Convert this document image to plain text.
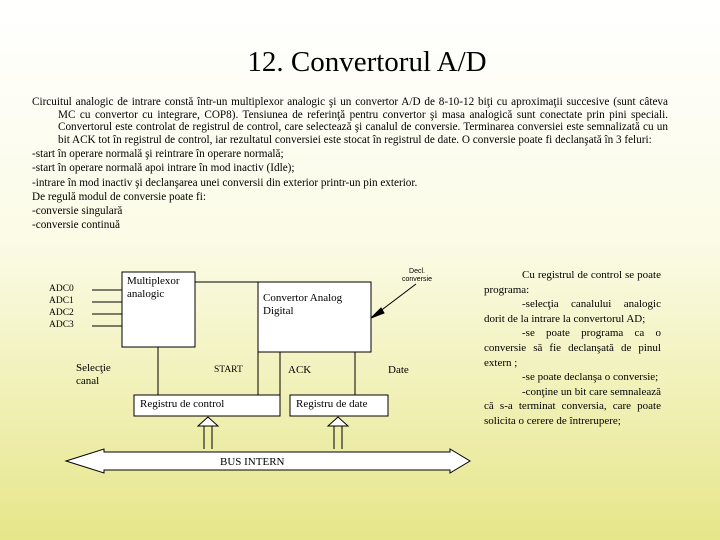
12. Convertorul A/D

Circuitul analogic de intrare constă într-un multiplexor analogic şi un convertor A/D de 8-10-12 biţi cu aproximaţii succesive (sunt câteva MC cu convertor cu integrare, COP8). Tensiunea de referinţă pentru convertor şi masa analogică sunt conectate prin pini speciali. Convertorul este controlat de registrul de control, care selectează şi canalul de conversie. Terminarea conversiei este semnalizată cu un bit ACK tot în registrul de control, iar rezultatul conversiei este stocat în registrul de date. O conversie poate fi declanşată în 3 feluri:

-start în operare normală şi reintrare în operare normală;

-start în operare normală apoi intrare în mod inactiv (Idle);

-intrare în mod inactiv şi declanşarea unei conversii din exterior printr-un pin exterior.

De regulă modul de conversie poate fi:

-conversie singulară

-conversie continuă

ADC0
ADC1
ADC2
ADC3
Multiplexor
analogic	Convertor Analog
Digital
Decl.
conversie
Selecţie
canal
START	ACK	Date
Registru de control	Registru de date
BUS INTERN

Cu registrul de control se poate programa:

-selecţia canalului analogic dorit de la intrare la convertorul AD;

-se poate programa ca o conversie să fie declanşată de pinul extern ;

-se poate declanşa o conversie;

-conţine un bit care semnalează că s-a terminat conversia, care poate solicita o cerere de întrerupere;
